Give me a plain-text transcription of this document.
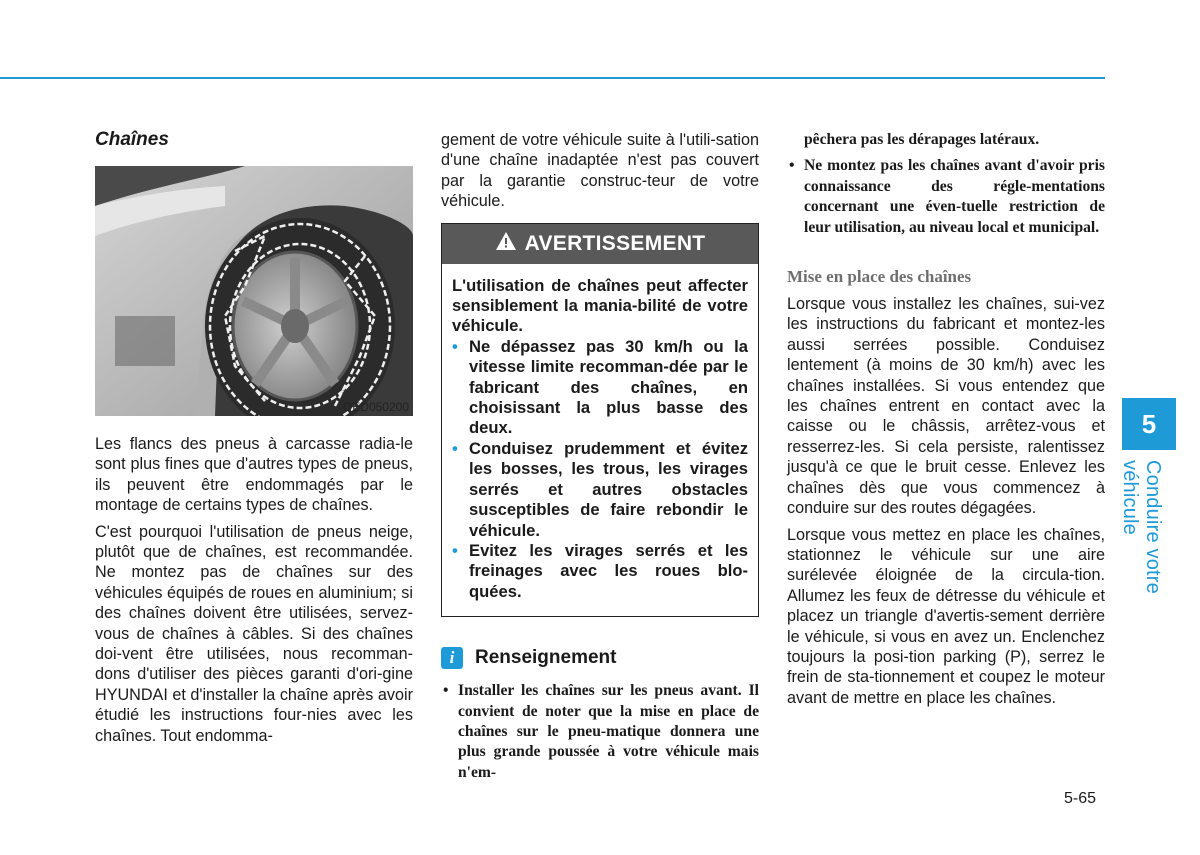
Chaînes
OED050200

Les flancs des pneus à carcasse radia-le sont plus fines que d'autres types de pneus, ils peuvent être endommagés par le montage de certains types de chaînes.

C'est pourquoi l'utilisation de pneus neige, plutôt que de chaînes, est recommandée. Ne montez pas de chaînes sur des véhicules équipés de roues en aluminium; si des chaînes doivent être utilisées, servez-vous de chaînes à câbles. Si des chaînes doi-vent être utilisées, nous recomman-dons d'utiliser des pièces garanti d'ori-gine HYUNDAI et d'installer la chaîne après avoir étudié les instructions four-nies avec les chaînes. Tout endomma-

gement de votre véhicule suite à l'utili-sation d'une chaîne inadaptée n'est pas couvert par la garantie construc-teur de votre véhicule.

AVERTISSEMENT

L'utilisation de chaînes peut affecter sensiblement la mania-bilité de votre véhicule.

• Ne dépassez pas 30 km/h ou la vitesse limite recomman-dée par le fabricant des chaînes, en choisissant la plus basse des deux.
• Conduisez prudemment et évitez les bosses, les trous, les virages serrés et autres obstacles susceptibles de faire rebondir le véhicule.
• Evitez les virages serrés et les freinages avec les roues blo-quées.
i	Renseignement
• Installer les chaînes sur les pneus avant. Il convient de noter que la mise en place de chaînes sur le pneu-matique donnera une plus grande poussée à votre véhicule mais n'em-

pêchera pas les dérapages latéraux.

• Ne montez pas les chaînes avant d'avoir pris connaissance des régle-mentations concernant une éven-tuelle restriction de leur utilisation, au niveau local et municipal.
Mise en place des chaînes

Lorsque vous installez les chaînes, sui-vez les instructions du fabricant et montez-les aussi serrées possible. Conduisez lentement (à moins de 30 km/h) avec les chaînes installées. Si vous entendez que les chaînes entrent en contact avec la caisse ou le châssis, arrêtez-vous et resserrez-les. Si cela persiste, ralentissez jusqu'à ce que le bruit cesse. Enlevez les chaînes dès que vous commencez à conduire sur des routes dégagées.

Lorsque vous mettez en place les chaînes, stationnez le véhicule sur une aire surélevée éloignée de la circula-tion. Allumez les feux de détresse du véhicule et placez un triangle d'avertis-sement derrière le véhicule, si vous en avez un. Enclenchez toujours la posi-tion parking (P), serrez le frein de sta-tionnement et coupez le moteur avant de mettre en place les chaînes.

5
Conduire votre véhicule
5-65
